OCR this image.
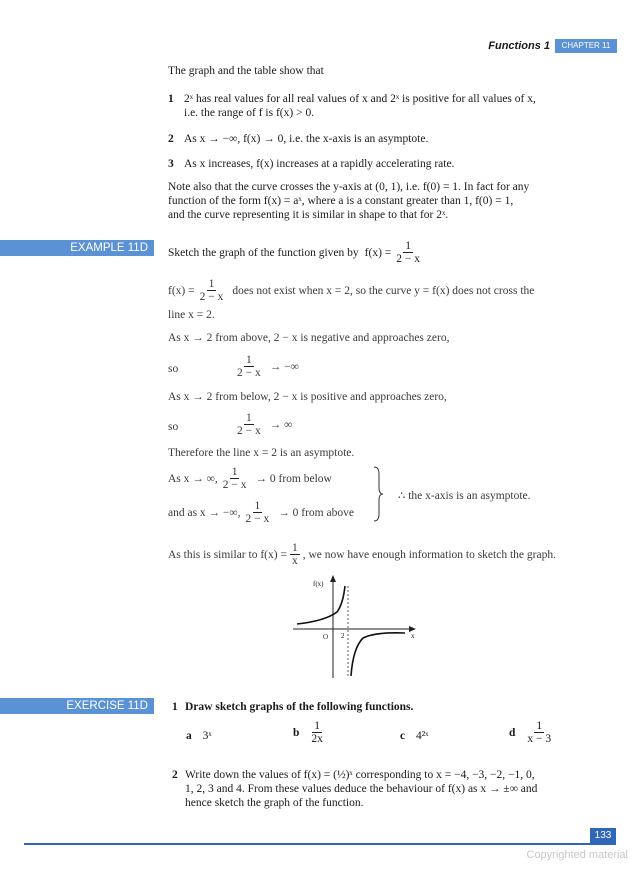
Functions 1	CHAPTER 11
The graph and the table show that
1 2ˣ has real values for all real values of x and 2ˣ is positive for all values of x,
i.e. the range of f is f(x) > 0.
2 As x → −∞, f(x) → 0, i.e. the x-axis is an asymptote.
3 As x increases, f(x) increases at a rapidly accelerating rate.
Note also that the curve crosses the y-axis at (0, 1), i.e. f(0) = 1. In fact for any
function of the form f(x) = aˣ, where a is a constant greater than 1, f(0) = 1,
and the curve representing it is similar in shape to that for 2ˣ.
EXAMPLE 11D	Sketch the graph of the function given by $f(x) = \frac{1}{2 - x}$
$f(x) = \frac{1}{2 - x}$ does not exist when x = 2, so the curve y = f(x) does not cross the
line x = 2.
As x → 2 from above, 2 − x is negative and approaches zero,
so	$\frac{1}{2 - x}$ → −∞
As x → 2 from below, 2 − x is positive and approaches zero,
so	$\frac{1}{2 - x}$ → ∞
Therefore the line x = 2 is an asymptote.
As x → ∞, $\frac{1}{2 - x} \to 0$ from below
and as x → −∞, $\frac{1}{2 - x} \to 0$ from above
∴ the x-axis is an asymptote.
As this is similar to $f(x) = \frac{1}{x}$ , we now have enough information to sketch the graph.
f(x)
O 2	x
EXERCISE 11D	1 Draw sketch graphs of the following functions.
a 3ˣ	b $\frac{1}{2x}$	c 4²ˣ	d $\frac{1}{x - 3}$
2 Write down the values of f(x) = (½)ˣ corresponding to x = −4, −3, −2, −1, 0,
1, 2, 3 and 4. From these values deduce the behaviour of f(x) as x → ±∞ and
hence sketch the graph of the function.
133
Copyrighted material
